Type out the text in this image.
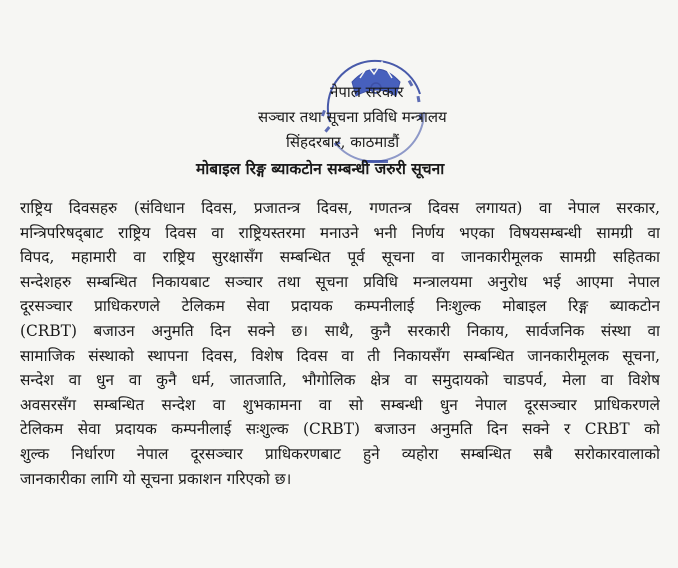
नेपाल सरकार
सञ्चार तथा सूचना प्रविधि मन्त्रालय
सिंहदरबार, काठमाडौं
मोबाइल रिङ्ग ब्याकटोन सम्बन्धी जरुरी सूचना
राष्ट्रिय दिवसहरु (संविधान दिवस, प्रजातन्त्र दिवस, गणतन्त्र दिवस लगायत) वा नेपाल सरकार,
मन्त्रिपरिषद्‌बाट राष्ट्रिय दिवस वा राष्ट्रियस्तरमा मनाउने भनी निर्णय भएका विषयसम्बन्धी सामग्री वा
विपद, महामारी वा राष्ट्रिय सुरक्षासँग सम्बन्धित पूर्व सूचना वा जानकारीमूलक सामग्री सहितका
सन्देशहरु सम्बन्धित निकायबाट सञ्चार तथा सूचना प्रविधि मन्त्रालयमा अनुरोध भई आएमा नेपाल
दूरसञ्चार प्राधिकरणले टेलिकम सेवा प्रदायक कम्पनीलाई निःशुल्क मोबाइल रिङ्ग ब्याकटोन
(CRBT) बजाउन अनुमति दिन सक्ने छ। साथै, कुनै सरकारी निकाय, सार्वजनिक संस्था वा
सामाजिक संस्थाको स्थापना दिवस, विशेष दिवस वा ती निकायसँग सम्बन्धित जानकारीमूलक सूचना,
सन्देश वा धुन वा कुनै धर्म, जातजाति, भौगोलिक क्षेत्र वा समुदायको चाडपर्व, मेला वा विशेष
अवसरसँग सम्बन्धित सन्देश वा शुभकामना वा सो सम्बन्धी धुन नेपाल दूरसञ्चार प्राधिकरणले
टेलिकम सेवा प्रदायक कम्पनीलाई सःशुल्क (CRBT) बजाउन अनुमति दिन सक्ने र CRBT को
शुल्क निर्धारण नेपाल दूरसञ्चार प्राधिकरणबाट हुने व्यहोरा सम्बन्धित सबै सरोकारवालाको
जानकारीका लागि यो सूचना प्रकाशन गरिएको छ।
